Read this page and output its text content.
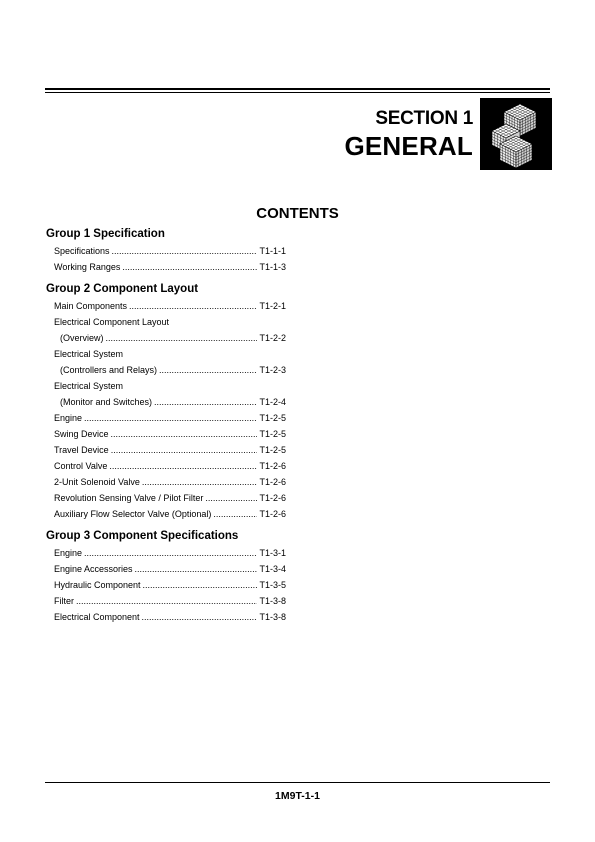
SECTION 1
GENERAL
CONTENTS
Group 1 Specification
Specifications .....	T1-1-1
Working Ranges .....	T1-1-3
Group 2 Component Layout
Main Components .....	T1-2-1
Electrical Component Layout
(Overview) .....	T1-2-2
Electrical System
(Controllers and Relays) .....	T1-2-3
Electrical System
(Monitor and Switches) .....	T1-2-4
Engine .....	T1-2-5
Swing Device .....	T1-2-5
Travel Device .....	T1-2-5
Control Valve .....	T1-2-6
2-Unit Solenoid Valve .....	T1-2-6
Revolution Sensing Valve / Pilot Filter .....	T1-2-6
Auxiliary Flow Selector Valve (Optional) .....	T1-2-6
Group 3 Component Specifications
Engine .....	T1-3-1
Engine Accessories .....	T1-3-4
Hydraulic Component .....	T1-3-5
Filter .....	T1-3-8
Electrical Component .....	T1-3-8
1M9T-1-1
